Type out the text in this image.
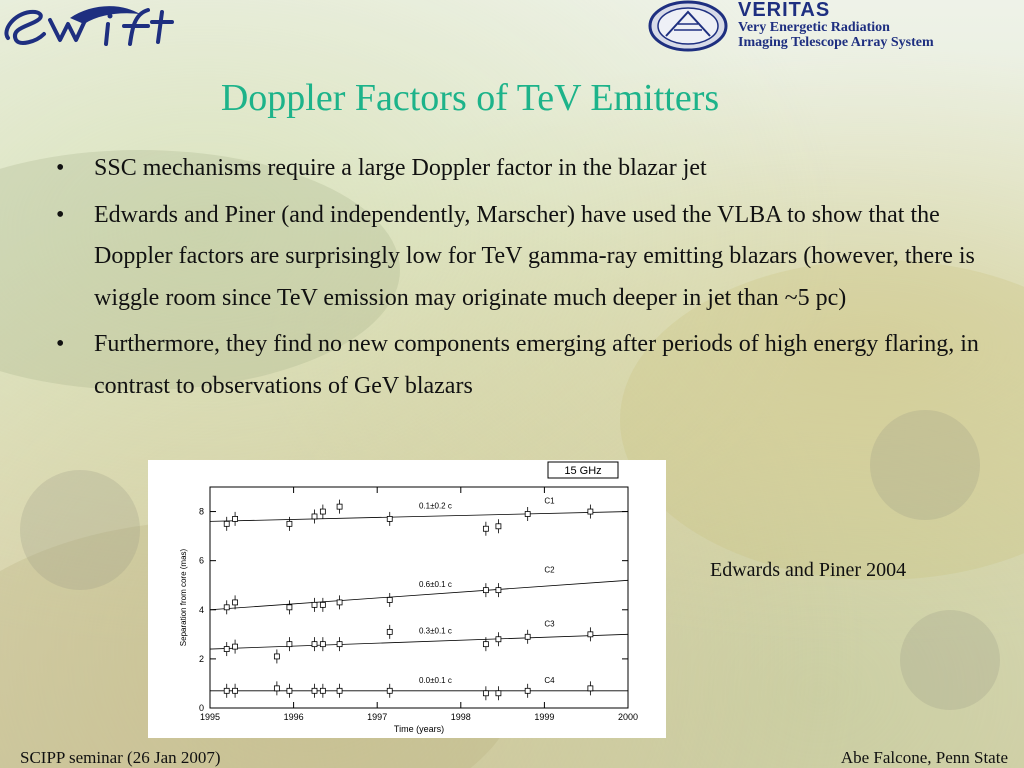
VERITAS
Very Energetic Radiation
Imaging Telescope Array System
Doppler Factors of TeV Emitters
• SSC mechanisms require a large Doppler factor in the blazar jet
• Edwards and Piner (and independently, Marscher) have used the VLBA to show that the Doppler factors are surprisingly low for TeV gamma-ray emitting blazars (however, there is wiggle room since TeV emission may originate much deeper in jet than ~5 pc)
• Furthermore, they find no new components emerging after periods of high energy flaring, in contrast to observations of GeV blazars
15 GHz
1995	1996	1997	1998	1999	2000
0
2
4
6
8
Time (years)
Separation from core (mas)
0.1±0.2 c
C1
0.6±0.1 c
C2
0.3±0.1 c
C3
0.0±0.1 c	C4
Edwards and Piner 2004
SCIPP seminar (26 Jan 2007)	Abe Falcone, Penn State
